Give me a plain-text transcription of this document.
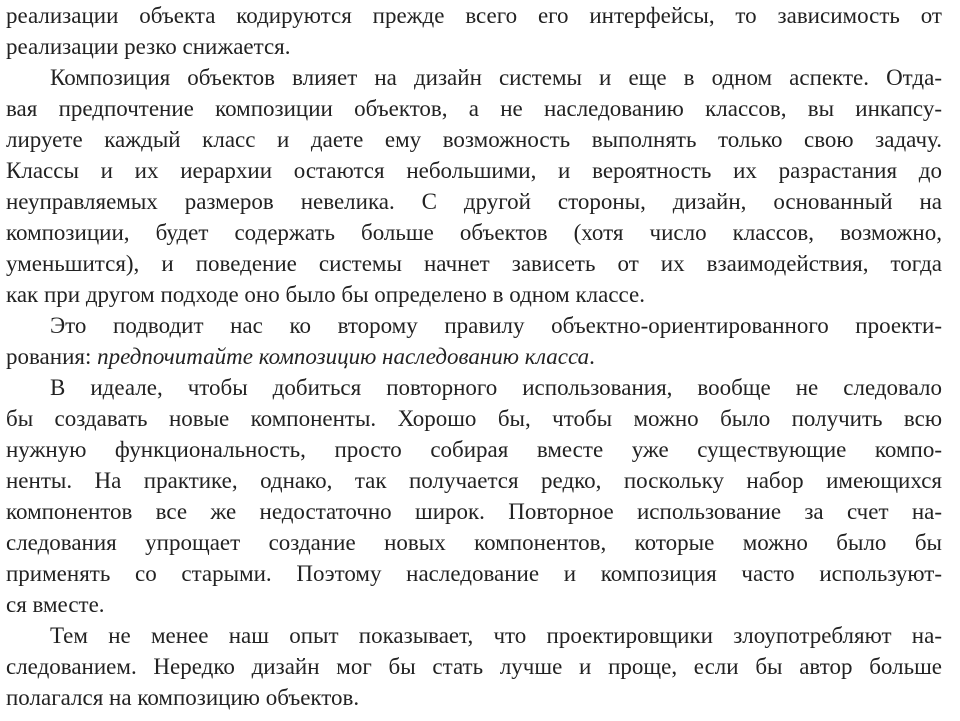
реализации объекта кодируются прежде всего его интерфейсы, то зависимость от
реализации резко снижается.
Композиция объектов влияет на дизайн системы и еще в одном аспекте. Отда-
вая предпочтение композиции объектов, а не наследованию классов, вы инкапсу-
лируете каждый класс и даете ему возможность выполнять только свою задачу.
Классы и их иерархии остаются небольшими, и вероятность их разрастания до
неуправляемых размеров невелика. С другой стороны, дизайн, основанный на
композиции, будет содержать больше объектов (хотя число классов, возможно,
уменьшится), и поведение системы начнет зависеть от их взаимодействия, тогда
как при другом подходе оно было бы определено в одном классе.
Это подводит нас ко второму правилу объектно-ориентированного проекти-
рования: предпочитайте композицию наследованию класса.
В идеале, чтобы добиться повторного использования, вообще не следовало
бы создавать новые компоненты. Хорошо бы, чтобы можно было получить всю
нужную функциональность, просто собирая вместе уже существующие компо-
ненты. На практике, однако, так получается редко, поскольку набор имеющихся
компонентов все же недостаточно широк. Повторное использование за счет на-
следования упрощает создание новых компонентов, которые можно было бы
применять со старыми. Поэтому наследование и композиция часто используют-
ся вместе.
Тем не менее наш опыт показывает, что проектировщики злоупотребляют на-
следованием. Нередко дизайн мог бы стать лучше и проще, если бы автор больше
полагался на композицию объектов.
